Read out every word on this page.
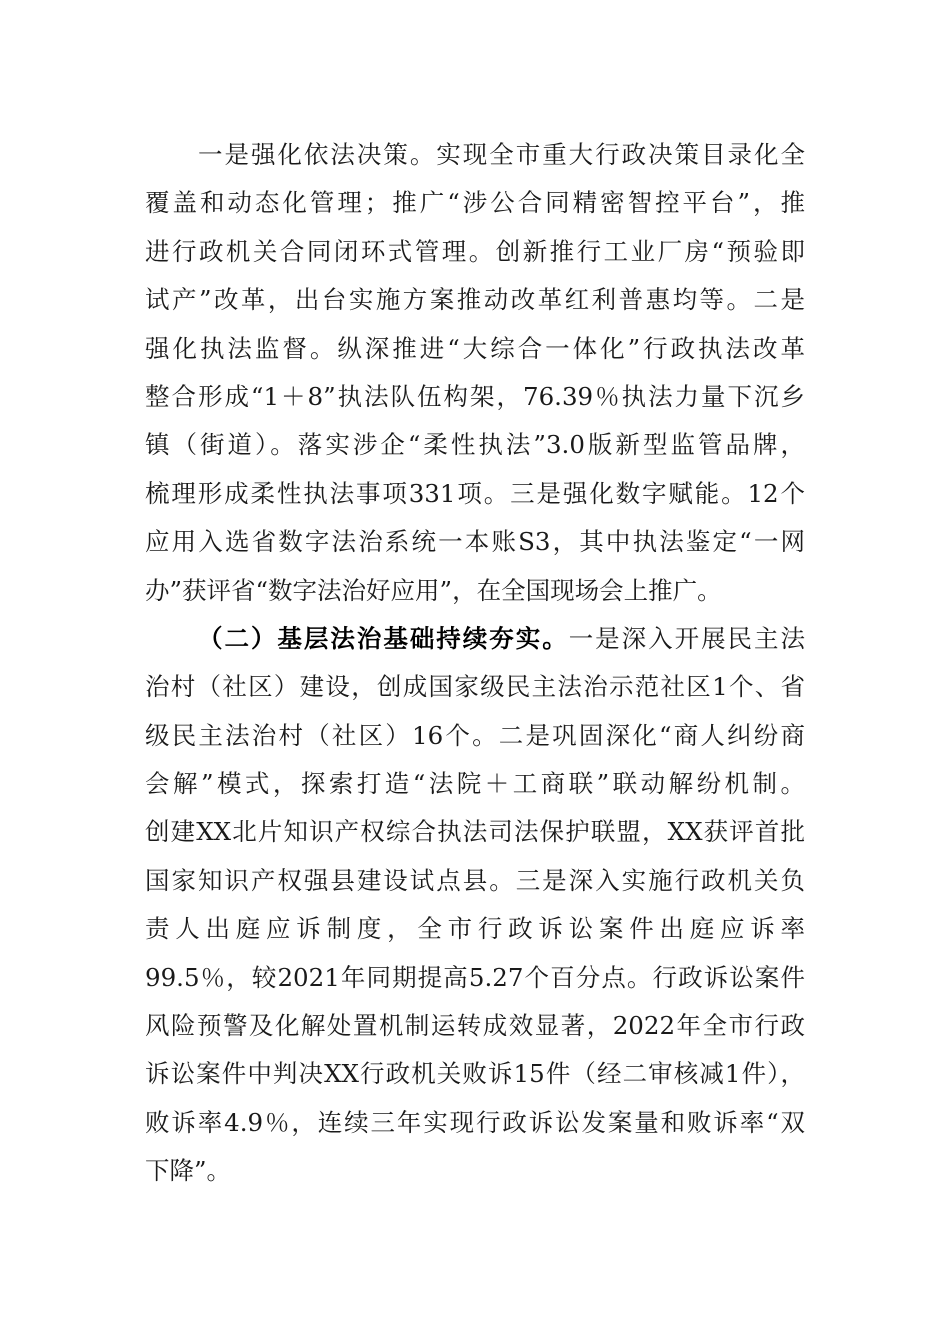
一是强化依法决策。实现全市重大行政决策目录化全
覆盖和动态化管理；推广“涉公合同精密智控平台”，推
进行政机关合同闭环式管理。创新推行工业厂房“预验即
试产”改革，出台实施方案推动改革红利普惠均等。二是
强化执法监督。纵深推进“大综合一体化”行政执法改革
整合形成“1＋8”执法队伍构架，76.39％执法力量下沉乡
镇（街道）。落实涉企“柔性执法”3.0版新型监管品牌，
梳理形成柔性执法事项331项。三是强化数字赋能。12个
应用入选省数字法治系统一本账S3，其中执法鉴定“一网
办”获评省“数字法治好应用”，在全国现场会上推广。
（二）基层法治基础持续夯实。一是深入开展民主法
治村（社区）建设，创成国家级民主法治示范社区1个、省
级民主法治村（社区）16个。二是巩固深化“商人纠纷商
会解”模式，探索打造“法院＋工商联”联动解纷机制。
创建XX北片知识产权综合执法司法保护联盟，XX获评首批
国家知识产权强县建设试点县。三是深入实施行政机关负
责人出庭应诉制度，全市行政诉讼案件出庭应诉率
99.5％，较2021年同期提高5.27个百分点。行政诉讼案件
风险预警及化解处置机制运转成效显著，2022年全市行政
诉讼案件中判决XX行政机关败诉15件（经二审核减1件），
败诉率4.9％，连续三年实现行政诉讼发案量和败诉率“双
下降”。
